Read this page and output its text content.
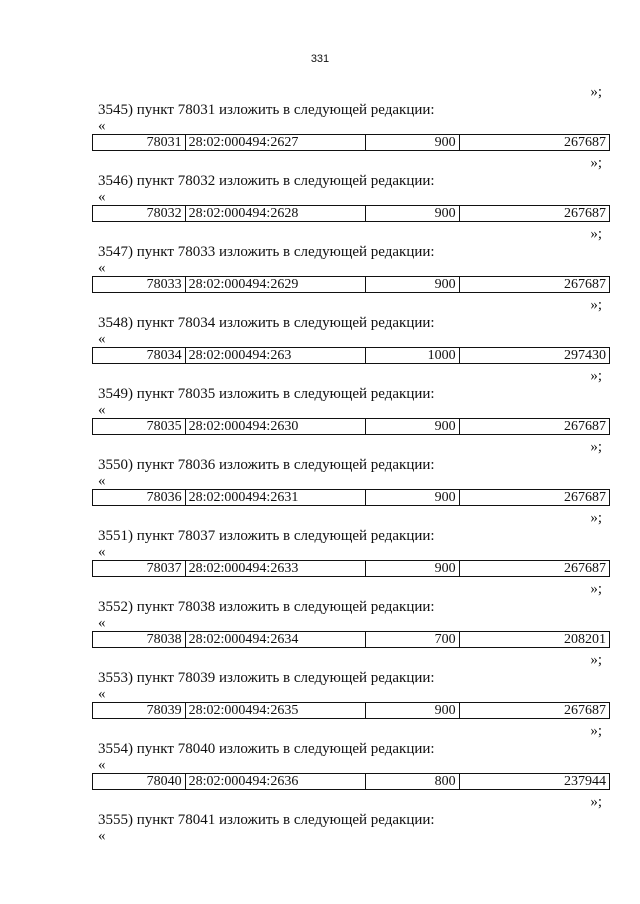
331
»;
3545) пункт 78031 изложить в следующей редакции:
«
78031 28:02:000494:2627	900	267687
»;
3546) пункт 78032 изложить в следующей редакции:
«
78032 28:02:000494:2628	900	267687
»;
3547) пункт 78033 изложить в следующей редакции:
«
78033 28:02:000494:2629	900	267687
»;
3548) пункт 78034 изложить в следующей редакции:
«
78034 28:02:000494:263	1000	297430
»;
3549) пункт 78035 изложить в следующей редакции:
«
78035 28:02:000494:2630	900	267687
»;
3550) пункт 78036 изложить в следующей редакции:
«
78036 28:02:000494:2631	900	267687
»;
3551) пункт 78037 изложить в следующей редакции:
«
78037 28:02:000494:2633	900	267687
»;
3552) пункт 78038 изложить в следующей редакции:
«
78038 28:02:000494:2634	700	208201
»;
3553) пункт 78039 изложить в следующей редакции:
«
78039 28:02:000494:2635	900	267687
»;
3554) пункт 78040 изложить в следующей редакции:
«
78040 28:02:000494:2636	800	237944
»;
3555) пункт 78041 изложить в следующей редакции:
«
